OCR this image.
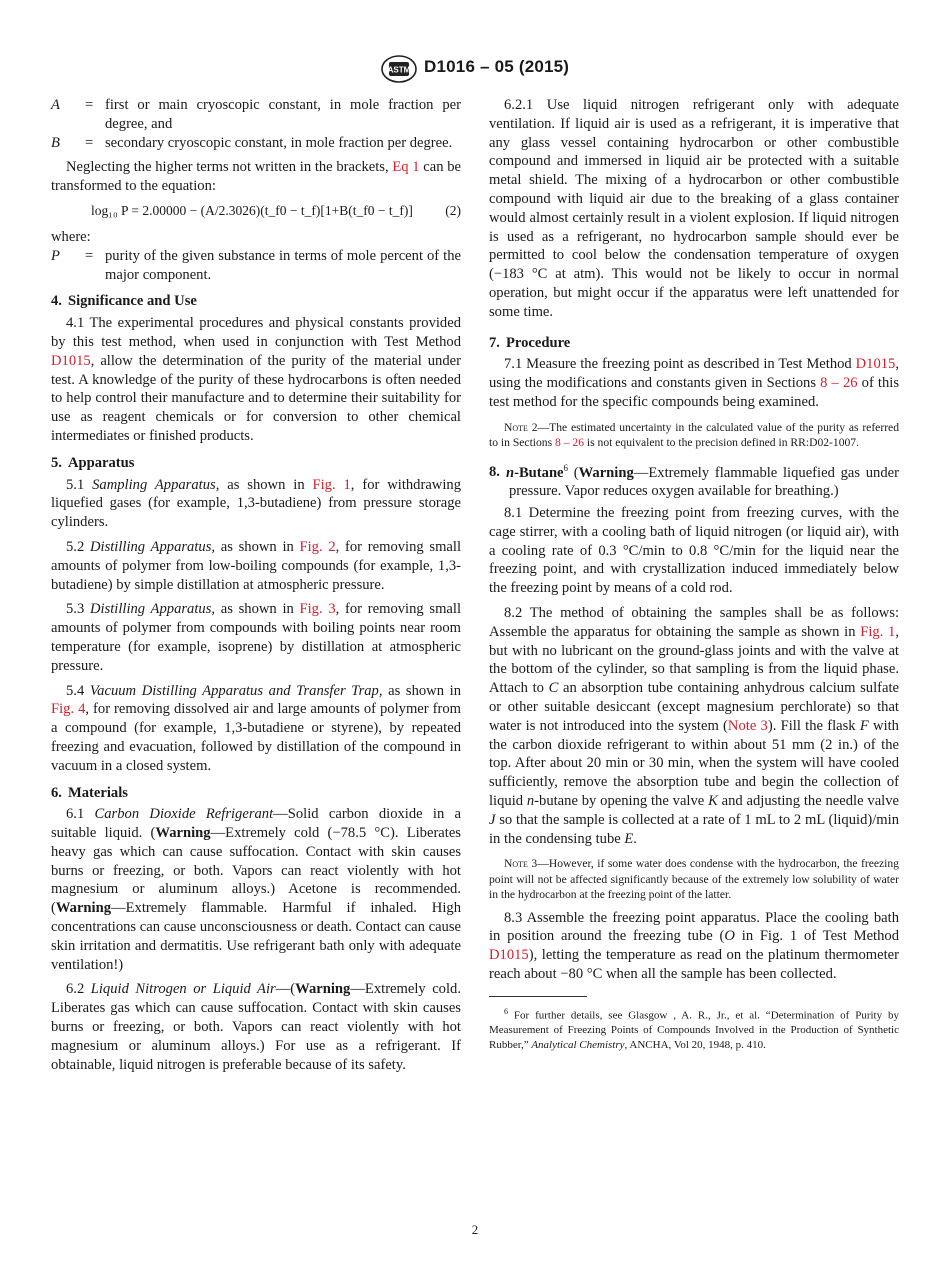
ASTM D1016 – 05 (2015)
A	= first or main cryoscopic constant, in mole fraction per degree, and
B	= secondary cryoscopic constant, in mole fraction per degree.

Neglecting the higher terms not written in the brackets, Eq 1 can be transformed to the equation:

log₁₀ P = 2.00000 − (A/2.3026)(t_f0 − t_f)[1+B(t_f0 − t_f)] (2)

where:

P	= purity of the given substance in terms of mole percent of the major component.

4. Significance and Use

4.1 The experimental procedures and physical constants provided by this test method, when used in conjunction with Test Method D1015, allow the determination of the purity of the material under test. A knowledge of the purity of these hydrocarbons is often needed to help control their manufacture and to determine their suitability for use as reagent chemicals or for conversion to other chemical intermediates or finished products.

5. Apparatus

5.1 Sampling Apparatus, as shown in Fig. 1, for withdrawing liquefied gases (for example, 1,3-butadiene) from pressure storage cylinders.

5.2 Distilling Apparatus, as shown in Fig. 2, for removing small amounts of polymer from low-boiling compounds (for example, 1,3-butadiene) by simple distillation at atmospheric pressure.

5.3 Distilling Apparatus, as shown in Fig. 3, for removing small amounts of polymer from compounds with boiling points near room temperature (for example, isoprene) by distillation at atmospheric pressure.

5.4 Vacuum Distilling Apparatus and Transfer Trap, as shown in Fig. 4, for removing dissolved air and large amounts of polymer from a compound (for example, 1,3-butadiene or styrene), by repeated freezing and evacuation, followed by distillation of the compound in vacuum in a closed system.

6. Materials

6.1 Carbon Dioxide Refrigerant—Solid carbon dioxide in a suitable liquid. (Warning—Extremely cold (−78.5 °C). Liberates heavy gas which can cause suffocation. Contact with skin causes burns or freezing, or both. Vapors can react violently with hot magnesium or aluminum alloys.) Acetone is recommended. (Warning—Extremely flammable. Harmful if inhaled. High concentrations can cause unconsciousness or death. Contact can cause skin irritation and dermatitis. Use refrigerant bath only with adequate ventilation!)

6.2 Liquid Nitrogen or Liquid Air—(Warning—Extremely cold. Liberates gas which can cause suffocation. Contact with skin causes burns or freezing, or both. Vapors can react violently with hot magnesium or aluminum alloys.) For use as a refrigerant. If obtainable, liquid nitrogen is preferable because of its safety.

6.2.1 Use liquid nitrogen refrigerant only with adequate ventilation. If liquid air is used as a refrigerant, it is imperative that any glass vessel containing hydrocarbon or other combustible compound and immersed in liquid air be protected with a suitable metal shield. The mixing of a hydrocarbon or other combustible compound with liquid air due to the breaking of a glass container would almost certainly result in a violent explosion. If liquid nitrogen is used as a refrigerant, no hydrocarbon sample should ever be permitted to cool below the condensation temperature of oxygen (−183 °C at atm). This would not be likely to occur in normal operation, but might occur if the apparatus were left unattended for some time.

7. Procedure

7.1 Measure the freezing point as described in Test Method D1015, using the modifications and constants given in Sections 8 – 26 of this test method for the specific compounds being examined.

Note 2—The estimated uncertainty in the calculated value of the purity as referred to in Sections 8 – 26 is not equivalent to the precision defined in RR:D02-1007.

8. n-Butane$^6$ (Warning—Extremely flammable liquefied gas under pressure. Vapor reduces oxygen available for breathing.)

8.1 Determine the freezing point from freezing curves, with the cage stirrer, with a cooling bath of liquid nitrogen (or liquid air), with a cooling rate of 0.3 °C/min to 0.8 °C/min for the liquid near the freezing point, and with crystallization induced immediately below the freezing point by means of a cold rod.

8.2 The method of obtaining the samples shall be as follows: Assemble the apparatus for obtaining the sample as shown in Fig. 1, but with no lubricant on the ground-glass joints and with the valve at the bottom of the cylinder, so that sampling is from the liquid phase. Attach to C an absorption tube containing anhydrous calcium sulfate or other suitable desiccant (except magnesium perchlorate) so that water is not introduced into the system (Note 3). Fill the flask F with the carbon dioxide refrigerant to within about 51 mm (2 in.) of the top. After about 20 min or 30 min, when the system will have cooled sufficiently, remove the absorption tube and begin the collection of liquid n-butane by opening the valve K and adjusting the needle valve J so that the sample is collected at a rate of 1 mL to 2 mL (liquid)/min in the condensing tube E.

Note 3—However, if some water does condense with the hydrocarbon, the freezing point will not be affected significantly because of the extremely low solubility of water in the hydrocarbon at the freezing point of the latter.

8.3 Assemble the freezing point apparatus. Place the cooling bath in position around the freezing tube (O in Fig. 1 of Test Method D1015), letting the temperature as read on the platinum thermometer reach about −80 °C when all the sample has been collected.

$^6$ For further details, see Glasgow , A. R., Jr., et al. “Determination of Purity by Measurement of Freezing Points of Compounds Involved in the Production of Synthetic Rubber,” Analytical Chemistry, ANCHA, Vol 20, 1948, p. 410.

2
